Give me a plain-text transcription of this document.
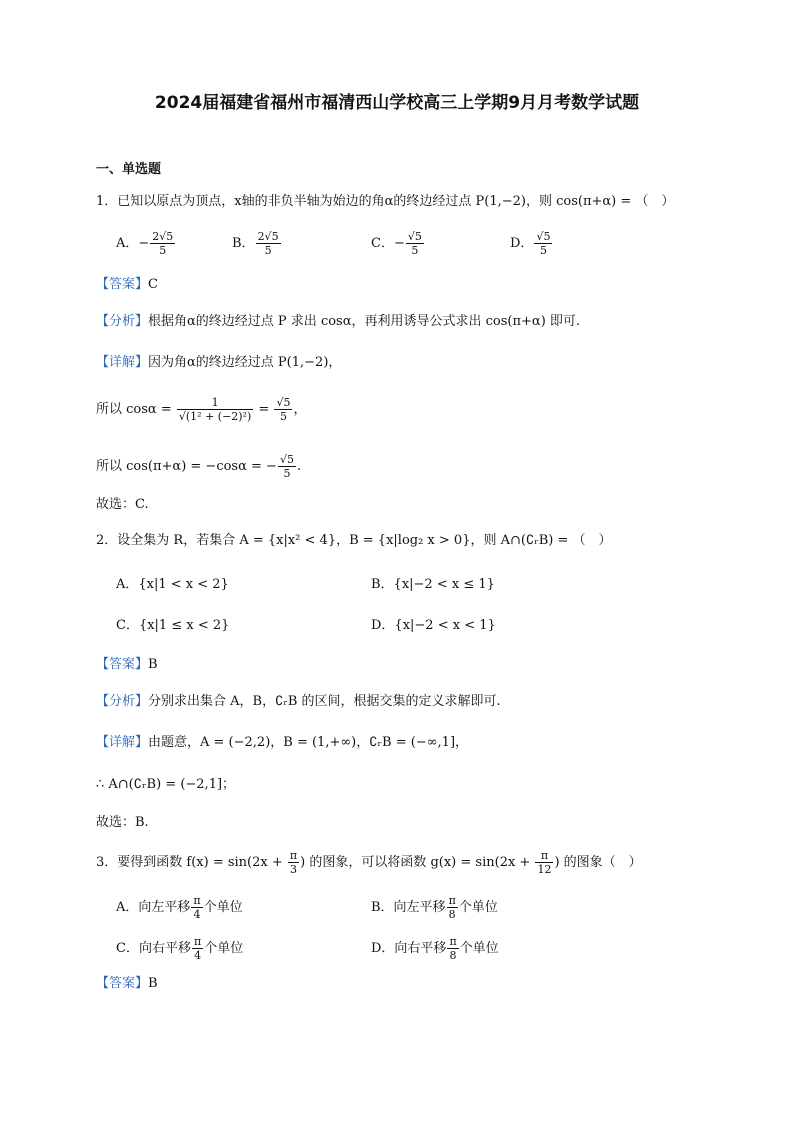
2024届福建省福州市福清西山学校高三上学期9月月考数学试题
一、单选题
1．已知以原点为顶点，x轴的非负半轴为始边的角α的终边经过点 P(1,−2)，则 cos(π+α) = （　）
A．− $\frac{2√5}{5}$	B． $\frac{2√5}{5}$	C．− $\frac{√5}{5}$	D． $\frac{√5}{5}$
【答案】C
【分析】根据角α的终边经过点 P 求出 cosα，再利用诱导公式求出 cos(π+α) 即可.
【详解】因为角α的终边经过点 P(1,−2)，
所以 $\cos\alpha = \frac{1}{\text{√(1² + (−2)²)}} = \frac{√5}{5}$ ，
所以 cos(π+α) = −cosα = − $\frac{√5}{5}$ .
故选：C.
2．设全集为 R，若集合 A = {x|x² < 4}，B = {x|log₂ x > 0}，则 A∩(∁ᵣB) = （　）
A．{x|1 < x < 2}	B．{x|−2 < x ≤ 1}
C．{x|1 ≤ x < 2}	D．{x|−2 < x < 1}
【答案】B
【分析】分别求出集合 A，B，∁ᵣB 的区间，根据交集的定义求解即可.
【详解】由题意，A = (−2,2)，B = (1,+∞)，∁ᵣB = (−∞,1]，
∴ A∩(∁ᵣB) = (−2,1]；
故选：B.
3．要得到函数 $f(x) = \sin(2x + \frac{\pi}{3}$ ) 的图象，可以将函数 $g(x) = \sin(2x + \frac{\pi}{12}$ ) 的图象（　）
A．向左平移 $\frac{\pi}{4}$ 个单位	B．向左平移 $\frac{\pi}{8}$ 个单位
C．向右平移 $\frac{\pi}{4}$ 个单位	D．向右平移 $\frac{\pi}{8}$ 个单位
【答案】B
